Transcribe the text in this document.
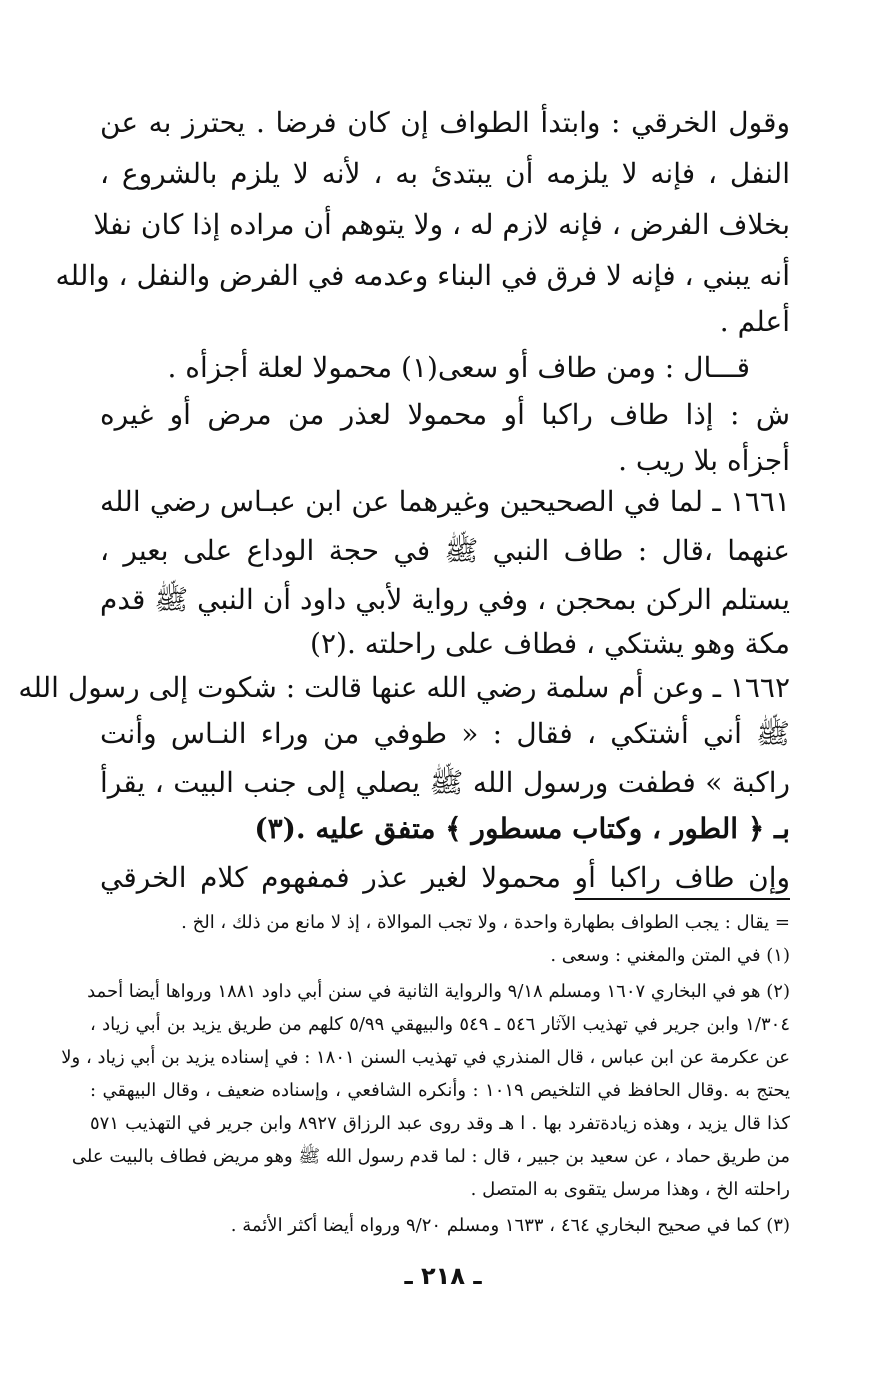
وقول الخرقي : وابتدأ الطواف إن كان فرضا . يحترز به عن
النفل ، فإنه لا يلزمه أن يبتدئ به ، لأنه لا يلزم بالشروع ،
بخلاف الفرض ، فإنه لازم له ، ولا يتوهم أن مراده إذا كان نفلا
أنه يبني ، فإنه لا فرق في البناء وعدمه في الفرض والنفل ، والله
أعلم .
قـــال : ومن طاف أو سعى(١) محمولا لعلة أجزأه .
ش : إذا طاف راكبا أو محمولا لعذر من مرض أو غيره
أجزأه بلا ريب .
١٦٦١ ـ لما في الصحيحين وغيرهما عن ابن عبـاس رضي الله
عنهما ،قال : طاف النبي ﷺ في حجة الوداع على بعير ،
يستلم الركن بمحجن ، وفي رواية لأبي داود أن النبي ﷺ قدم
مكة وهو يشتكي ، فطاف على راحلته .(٢)
١٦٦٢ ـ وعن أم سلمة رضي الله عنها قالت : شكوت إلى رسول الله
ﷺ أني أشتكي ، فقال : « طوفي من وراء النـاس وأنت
راكبة » فطفت ورسول الله ﷺ يصلي إلى جنب البيت ، يقرأ
بـ ﴿ الطور ، وكتاب مسطور ﴾ متفق عليه .(٣)
وإن طاف راكبا أو محمولا لغير عذر فمفهوم كلام الخرقي
= يقال : يجب الطواف بطهارة واحدة ، ولا تجب الموالاة ، إذ لا مانع من ذلك ، الخ .
(١) في المتن والمغني : وسعى .
(٢) هو في البخاري ١٦٠٧ ومسلم ٩/١٨ والرواية الثانية في سنن أبي داود ١٨٨١ ورواها أيضا أحمد
١/٣٠٤ وابن جرير في تهذيب الآثار ٥٤٦ ـ ٥٤٩ والبيهقي ٥/٩٩ كلهم من طريق يزيد بن أبي زياد ،
عن عكرمة عن ابن عباس ، قال المنذري في تهذيب السنن ١٨٠١ : في إسناده يزيد بن أبي زياد ، ولا
يحتج به .وقال الحافظ في التلخيص ١٠١٩ : وأنكره الشافعي ، وإسناده ضعيف ، وقال البيهقي :
كذا قال يزيد ، وهذه زيادةتفرد بها . ا هـ وقد روى عبد الرزاق ٨٩٢٧ وابن جرير في التهذيب ٥٧١
من طريق حماد ، عن سعيد بن جبير ، قال : لما قدم رسول الله ﷺ وهو مريض فطاف بالبيت على
راحلته الخ ، وهذا مرسل يتقوى به المتصل .
(٣) كما في صحيح البخاري ٤٦٤ ، ١٦٣٣ ومسلم ٩/٢٠ ورواه أيضا أكثر الأئمة .
ـ ٢١٨ ـ
